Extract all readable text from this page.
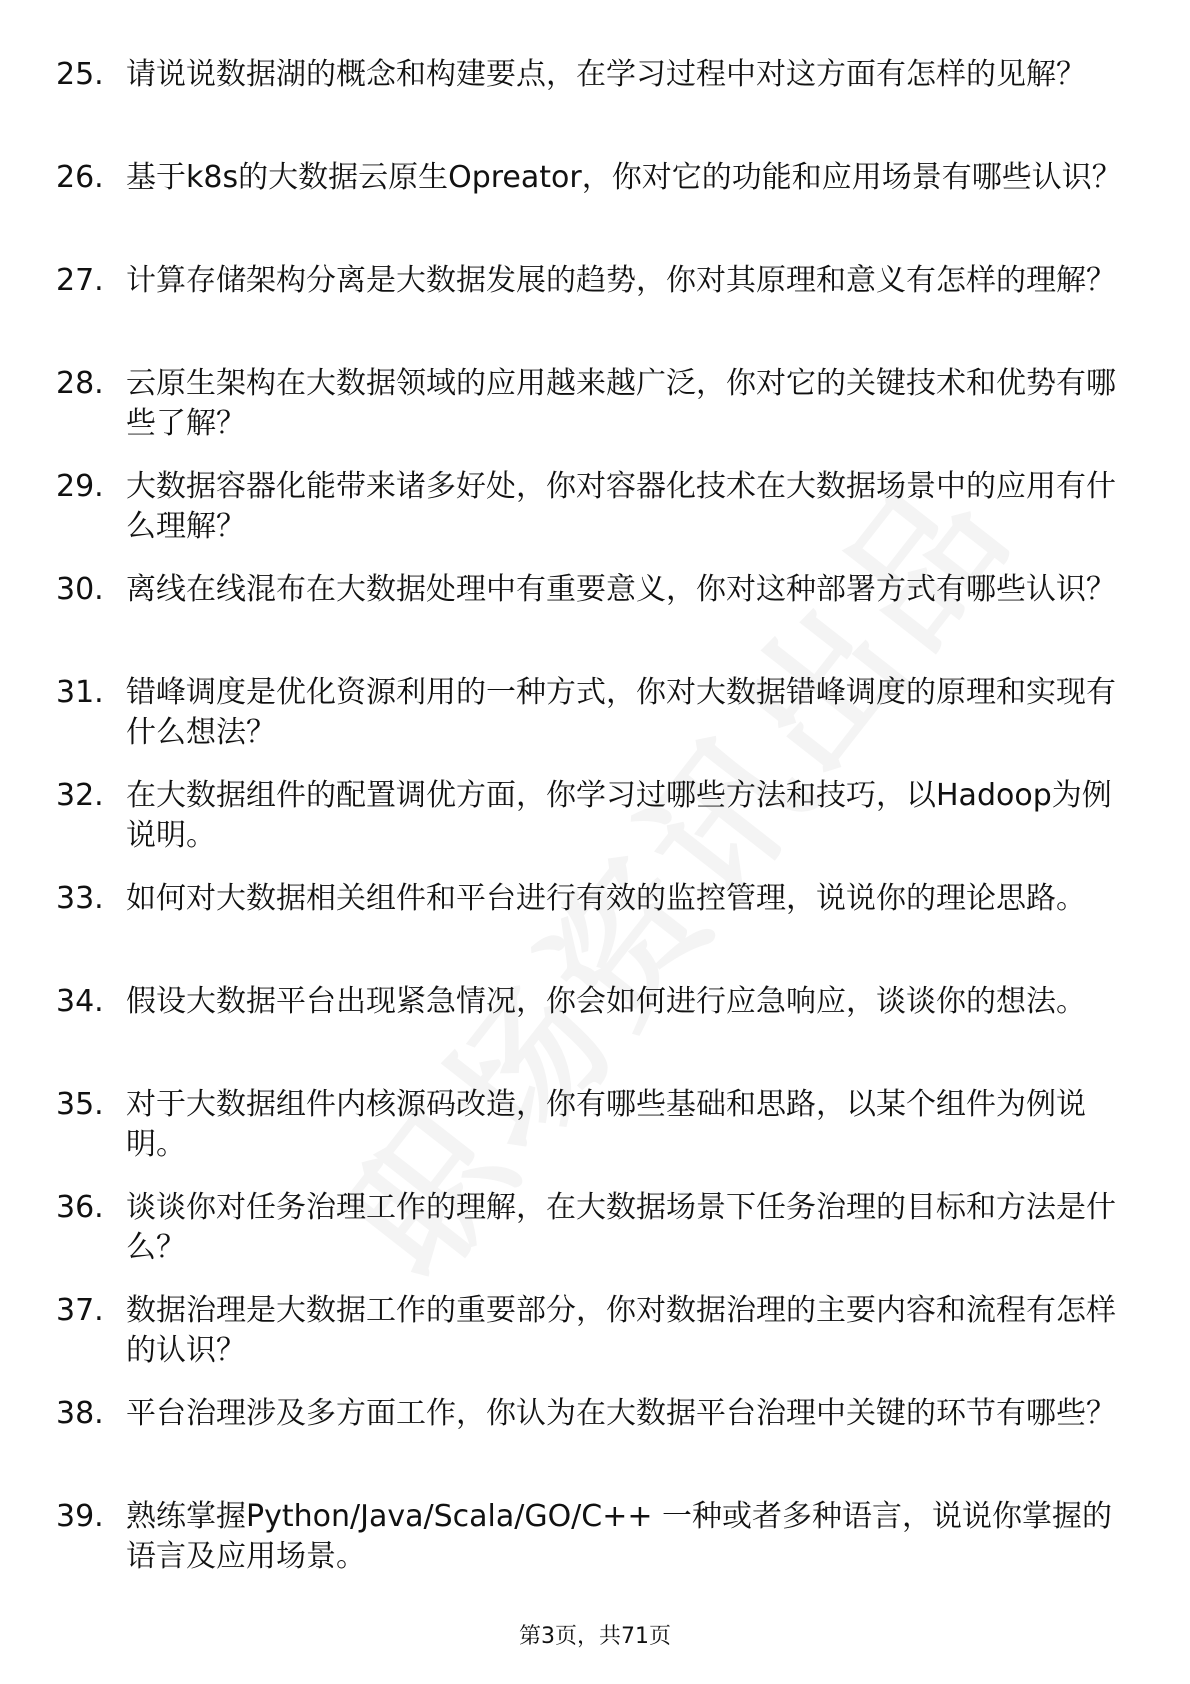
25. 请说说数据湖的概念和构建要点，在学习过程中对这方面有怎样的见解？
26. 基于k8s的大数据云原生Opreator，你对它的功能和应用场景有哪些认识？
27. 计算存储架构分离是大数据发展的趋势，你对其原理和意义有怎样的理解？
28. 云原生架构在大数据领域的应用越来越广泛，你对它的关键技术和优势有哪些了解？
29. 大数据容器化能带来诸多好处，你对容器化技术在大数据场景中的应用有什么理解？
30. 离线在线混布在大数据处理中有重要意义，你对这种部署方式有哪些认识？
31. 错峰调度是优化资源利用的一种方式，你对大数据错峰调度的原理和实现有什么想法？
32. 在大数据组件的配置调优方面，你学习过哪些方法和技巧，以Hadoop为例说明。
33. 如何对大数据相关组件和平台进行有效的监控管理，说说你的理论思路。
34. 假设大数据平台出现紧急情况，你会如何进行应急响应，谈谈你的想法。
35. 对于大数据组件内核源码改造，你有哪些基础和思路，以某个组件为例说明。
36. 谈谈你对任务治理工作的理解，在大数据场景下任务治理的目标和方法是什么？
37. 数据治理是大数据工作的重要部分，你对数据治理的主要内容和流程有怎样的认识？
38. 平台治理涉及多方面工作，你认为在大数据平台治理中关键的环节有哪些？
39. 熟练掌握Python/Java/Scala/GO/C++ 一种或者多种语言，说说你掌握的语言及应用场景。
第3页，共71页
